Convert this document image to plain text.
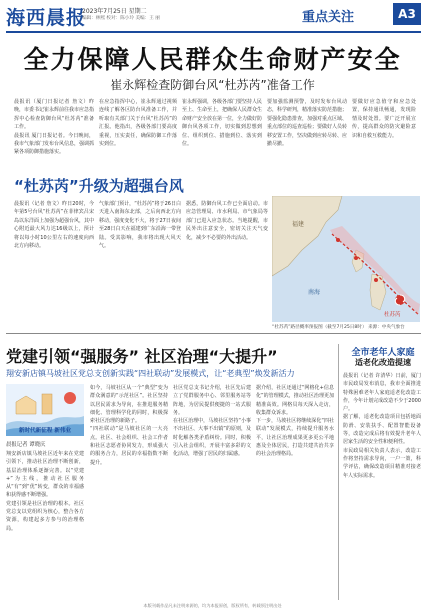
海西晨报
2023年7月25日 星期二
编辑：林熙 校对：陈小玲 美编：王 丽	重点关注	A3
全力保障人民群众生命财产安全
崔永辉检查防御台风“杜苏芮”准备工作
晨报讯（厦门日报记者 詹文）昨晚，市委书记崔永辉前往我市应急指挥中心检查防御台风“杜苏芮”准备工作。
晨报讯 厦门日报记者。今日晚间，我市气象部门发布台风信息，强调抓紧各项防御措施落实。
在应急指挥中心，崔永辉通过视频连线了解各区防台风准备工作，并听取有关部门关于台风“杜苏芮”的汇报。他指出，各级各部门要高度重视，压实责任，确保防御工作落实到位。
崔永辉强调，各级各部门要坚持人民至上、生命至上，把确保人民群众生命财产安全放在第一位，全力做好防御台风各项工作，切实做到思想到位、组织到位、措施到位、落实到位。
要加强监测预警，及时发布台风动态，科学研判，精准落实防范措施；要强化隐患排查，加强对重点区域、重点部位的巡查巡检；要做好人员转移安置工作，坚决做到应转尽转、应撤尽撤。
要做好应急值守和应急处置，保持通讯畅通，发现险情及时处置。要广泛开展宣传，提高群众的防灾避险意识和自救互救能力。
“杜苏芮”升级为超强台风
晨报讯（记者 詹文）昨日20时，今年第5号台风“杜苏芮”在菲律宾吕宋岛以东洋面上加强为超强台风，其中心附近最大风力达16级以上，预计将以每小时10公里左右的速度向西北方向移动。
气象部门预计，“杜苏芮”将于26日白天进入南海东北部，之后向西北方向移动，强度变化不大，将于27日夜间至28日白天在福建到广东沿海一带登陆。受其影响，我市将出现大风天气。
据悉，防御台风工作已全面启动。市应急管理局、市水利局、市气象局等部门已进入应急状态。当地提醒，市民外出注意安全，密切关注天气变化，减少不必要的外出活动。
福建
南海
杜苏芮
“杜苏芮”路径概率预报图（截至7月25日8时） 来源：中央气象台
党建引领“强服务” 社区治理“大提升”
翔安新店镇马坡社区党总支创新实践“四社联动”发展模式，让“老典型”焕发新活力
新时代新征程 新伟业
晨报记者 谭晓庆
翔安新店镇马坡社区近年来在党建引领下，推动社区治理不断创新，基层治理体系逐渐完善。以“党建+”为主线，推动社区服务从“有”到“优”转变，群众的幸福感和获得感不断增强。
党建引领是社区治理的根本。社区党总支以党组织为核心，整合各方资源，构建起多方参与的治理格局。
如今，马坡社区从一个“典型”变为群众满意的“示范社区”。社区坚持以居民需求为导向，在推进服务精细化、管理科学化的同时，积极探索社区治理的新路子。
“四社联动”是马坡社区的一大亮点。社区、社会组织、社会工作者和社区志愿者协同发力，形成强大的服务合力，居民的幸福指数不断提升。
社区党总支书记介绍，社区先后建立了党群服务中心、邻里服务站等阵地，为居民提供便捷的一站式服务。
在社区治理中，马坡社区坚持“小事不出社区、大事不出镇”的原则，及时化解各类矛盾纠纷。同时，积极引入社会组织，开展丰富多彩的文化活动，增强了居民的归属感。
据介绍，社区还通过“网格化+信息化”的管理模式，推动社区治理更加精准高效。网格员每天深入走访，收集群众诉求。
下一步，马坡社区将继续深化“四社联动”发展模式，持续提升服务水平，让社区治理成果更多更公平地惠及全体居民，打造共建共治共享的社会治理格局。
全市老年人家庭
适老化改造提速
晨报讯（记者 许清华）日前，厦门市民政局发布消息，我市全面推进特殊困难老年人家庭适老化改造工作，今年计划完成改造不少于2000户。
据了解，适老化改造项目包括地面防滑、安装扶手、配置智能设备等，改造完成后将有效提升老年人居家生活的安全性和便利性。
市民政局相关负责人表示，改造工作将坚持需求导向，一户一策，科学评估，确保改造项目精准对接老年人实际需求。
本版刊载作品凡未注明来源的，均为本报原创，版权所有，转载须注明出处
